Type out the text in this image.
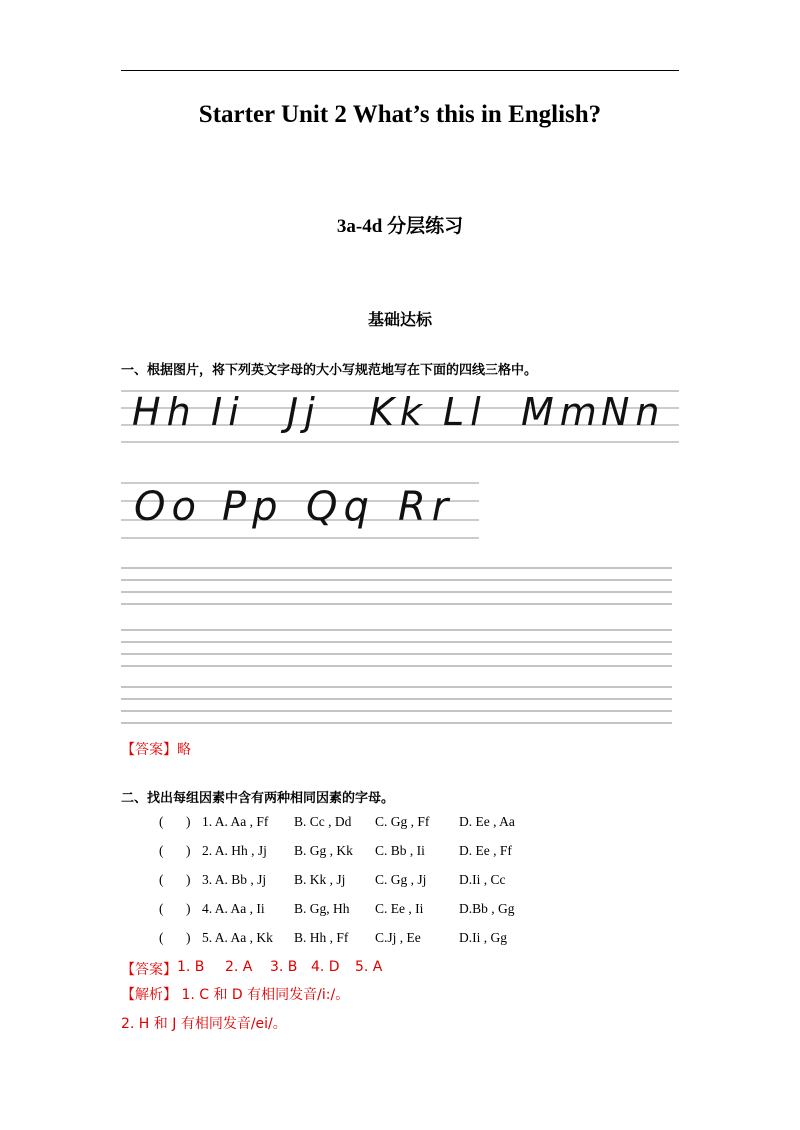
Starter Unit 2 What’s this in English?
3a-4d 分层练习
基础达标
一、根据图片，将下列英文字母的大小写规范地写在下面的四线三格中。
Hh Ii Jj Kk Ll Mm
Nn
Oo Pp Qq Rr
【答案】略
二、找出每组因素中含有两种相同因素的字母。
( ) 1. A. Aa , Ff B. Cc , Dd C. Gg , Ff D. Ee , Aa
( ) 2. A. Hh , Jj B. Gg , Kk C. Bb , Ii	D. Ee , Ff
( ) 3. A. Bb , Jj B. Kk , Jj C. Gg , Jj D.Ii , Cc
( ) 4. A. Aa , Ii B. Gg, Hh C. Ee , Ii	D.Bb , Gg
( ) 5. A. Aa , Kk B. Hh , Ff C.Jj , Ee	D.Ii , Gg
【答案】 1. B 2. A 3. B 4. D 5. A
【解析】 1. C 和 D 有相同发音/i:/。
2. H 和 J 有相同发音/ei/。
